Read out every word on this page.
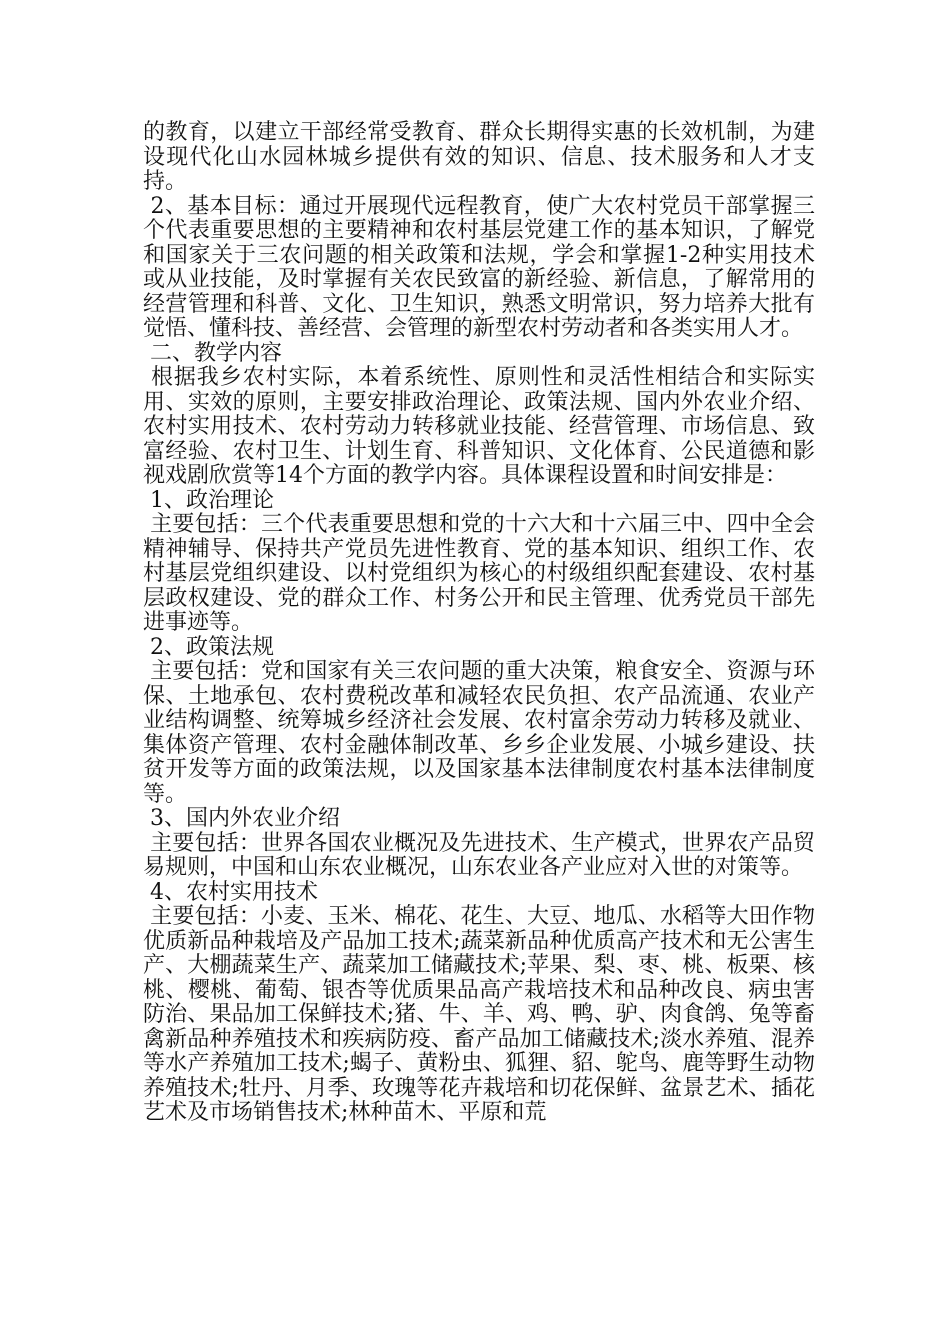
的教育，以建立干部经常受教育、群众长期得实惠的长效机制，为建设现代化山水园林城乡提供有效的知识、信息、技术服务和人才支持。

2、基本目标：通过开展现代远程教育，使广大农村党员干部掌握三个代表重要思想的主要精神和农村基层党建工作的基本知识，了解党和国家关于三农问题的相关政策和法规，学会和掌握1-2种实用技术或从业技能，及时掌握有关农民致富的新经验、新信息，了解常用的经营管理和科普、文化、卫生知识，熟悉文明常识，努力培养大批有觉悟、懂科技、善经营、会管理的新型农村劳动者和各类实用人才。

二、教学内容

根据我乡农村实际，本着系统性、原则性和灵活性相结合和实际实用、实效的原则，主要安排政治理论、政策法规、国内外农业介绍、农村实用技术、农村劳动力转移就业技能、经营管理、市场信息、致富经验、农村卫生、计划生育、科普知识、文化体育、公民道德和影视戏剧欣赏等14个方面的教学内容。具体课程设置和时间安排是：

1、政治理论

主要包括：三个代表重要思想和党的十六大和十六届三中、四中全会精神辅导、保持共产党员先进性教育、党的基本知识、组织工作、农村基层党组织建设、以村党组织为核心的村级组织配套建设、农村基层政权建设、党的群众工作、村务公开和民主管理、优秀党员干部先进事迹等。

2、政策法规

主要包括：党和国家有关三农问题的重大决策，粮食安全、资源与环保、土地承包、农村费税改革和减轻农民负担、农产品流通、农业产业结构调整、统筹城乡经济社会发展、农村富余劳动力转移及就业、集体资产管理、农村金融体制改革、乡乡企业发展、小城乡建设、扶贫开发等方面的政策法规，以及国家基本法律制度农村基本法律制度等。

3、国内外农业介绍

主要包括：世界各国农业概况及先进技术、生产模式，世界农产品贸易规则，中国和山东农业概况，山东农业各产业应对入世的对策等。

4、农村实用技术

主要包括：小麦、玉米、棉花、花生、大豆、地瓜、水稻等大田作物优质新品种栽培及产品加工技术;蔬菜新品种优质高产技术和无公害生产、大棚蔬菜生产、蔬菜加工储藏技术;苹果、梨、枣、桃、板栗、核桃、樱桃、葡萄、银杏等优质果品高产栽培技术和品种改良、病虫害防治、果品加工保鲜技术;猪、牛、羊、鸡、鸭、驴、肉食鸽、兔等畜禽新品种养殖技术和疾病防疫、畜产品加工储藏技术;淡水养殖、混养等水产养殖加工技术;蝎子、黄粉虫、狐狸、貂、鸵鸟、鹿等野生动物养殖技术;牡丹、月季、玫瑰等花卉栽培和切花保鲜、盆景艺术、插花艺术及市场销售技术;林种苗木、平原和荒
